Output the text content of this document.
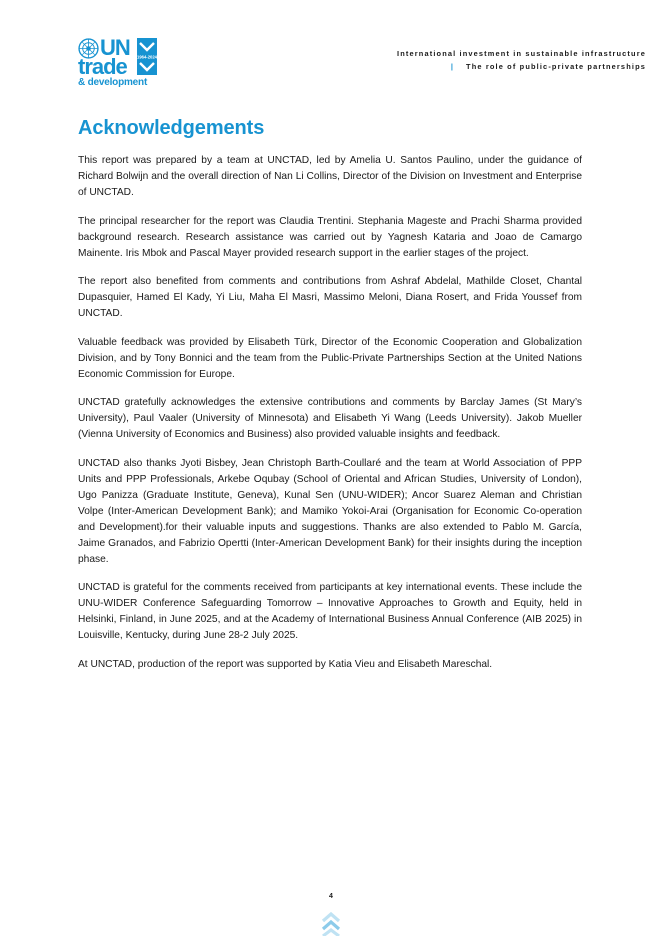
UN 1964-2024
trade
& development
International investment in sustainable infrastructure
| The role of public-private partnerships
Acknowledgements

This report was prepared by a team at UNCTAD, led by Amelia U. Santos Paulino, under the guidance of Richard Bolwijn and the overall direction of Nan Li Collins, Director of the Division on Investment and Enterprise of UNCTAD.

The principal researcher for the report was Claudia Trentini. Stephania Mageste and Prachi Sharma provided background research. Research assistance was carried out by Yagnesh Kataria and Joao de Camargo Mainente. Iris Mbok and Pascal Mayer provided research support in the earlier stages of the project.

The report also benefited from comments and contributions from Ashraf Abdelal, Mathilde Closet, Chantal Dupasquier, Hamed El Kady, Yi Liu, Maha El Masri, Massimo Meloni, Diana Rosert, and Frida Youssef from UNCTAD.

Valuable feedback was provided by Elisabeth Türk, Director of the Economic Cooperation and Globalization Division, and by Tony Bonnici and the team from the Public-Private Partnerships Section at the United Nations Economic Commission for Europe.

UNCTAD gratefully acknowledges the extensive contributions and comments by Barclay James (St Mary’s University), Paul Vaaler (University of Minnesota) and Elisabeth Yi Wang (Leeds University). Jakob Mueller (Vienna University of Economics and Business) also provided valuable insights and feedback.

UNCTAD also thanks Jyoti Bisbey, Jean Christoph Barth-Coullaré and the team at World Association of PPP Units and PPP Professionals, Arkebe Oqubay (School of Oriental and African Studies, University of London), Ugo Panizza (Graduate Institute, Geneva), Kunal Sen (UNU-WIDER); Ancor Suarez Aleman and Christian Volpe (Inter-American Development Bank); and Mamiko Yokoi-Arai (Organisation for Economic Co-operation and Development).for their valuable inputs and suggestions. Thanks are also extended to Pablo M. García, Jaime Granados, and Fabrizio Opertti (Inter-American Development Bank) for their insights during the inception phase.

UNCTAD is grateful for the comments received from participants at key international events. These include the UNU-WIDER Conference Safeguarding Tomorrow – Innovative Approaches to Growth and Equity, held in Helsinki, Finland, in June 2025, and at the Academy of International Business Annual Conference (AIB 2025) in Louisville, Kentucky, during June 28-2 July 2025.

At UNCTAD, production of the report was supported by Katia Vieu and Elisabeth Mareschal.

4
